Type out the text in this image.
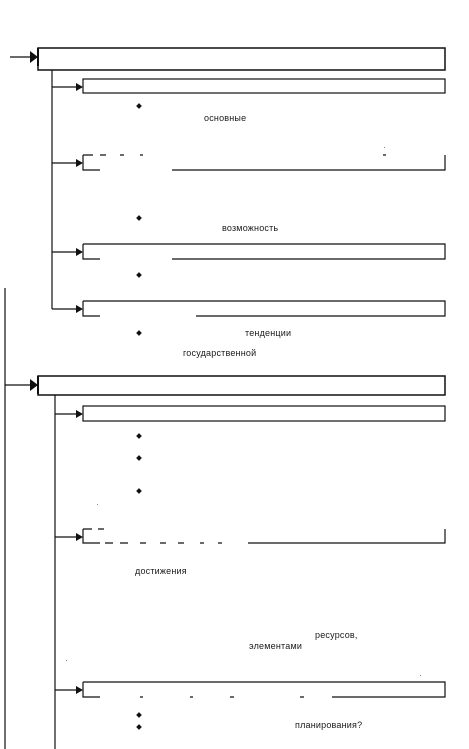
основные
возможность
тенденции
государственной
достижения
ресурсов,
элементами
планирования?
